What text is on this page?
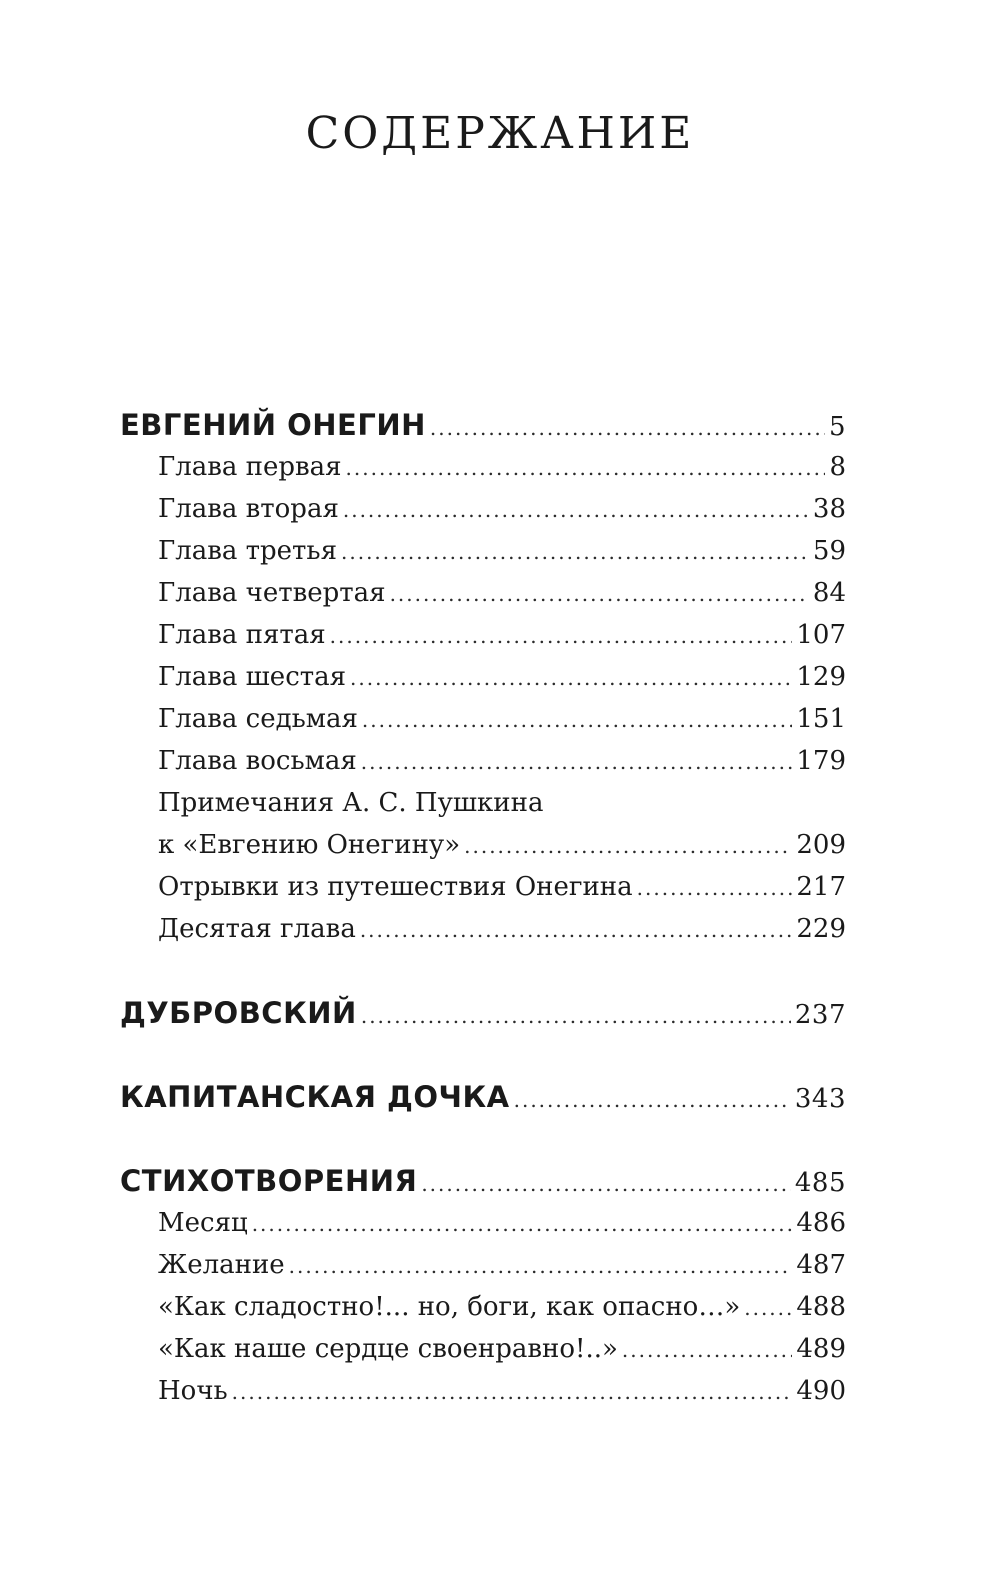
СОДЕРЖАНИЕ
ЕВГЕНИЙ ОНЕГИН .....	5
Глава первая .....	8
Глава вторая .....	38
Глава третья .....	59
Глава четвертая .....	84
Глава пятая .....	107
Глава шестая .....	129
Глава седьмая .....	151
Глава восьмая .....	179
Примечания А. С. Пушкина
к «Евгению Онегину» .....	209
Отрывки из путешествия Онегина .....	217
Десятая глава .....	229
ДУБРОВСКИЙ .....	237
КАПИТАНСКАЯ ДОЧКА .....	343
СТИХОТВОРЕНИЯ .....	485
Месяц .....	486
Желание .....	487
«Как сладостно!... но, боги, как опасно…» ..... 488
«Как наше сердце своенравно!..» .....	489
Ночь .....	490
